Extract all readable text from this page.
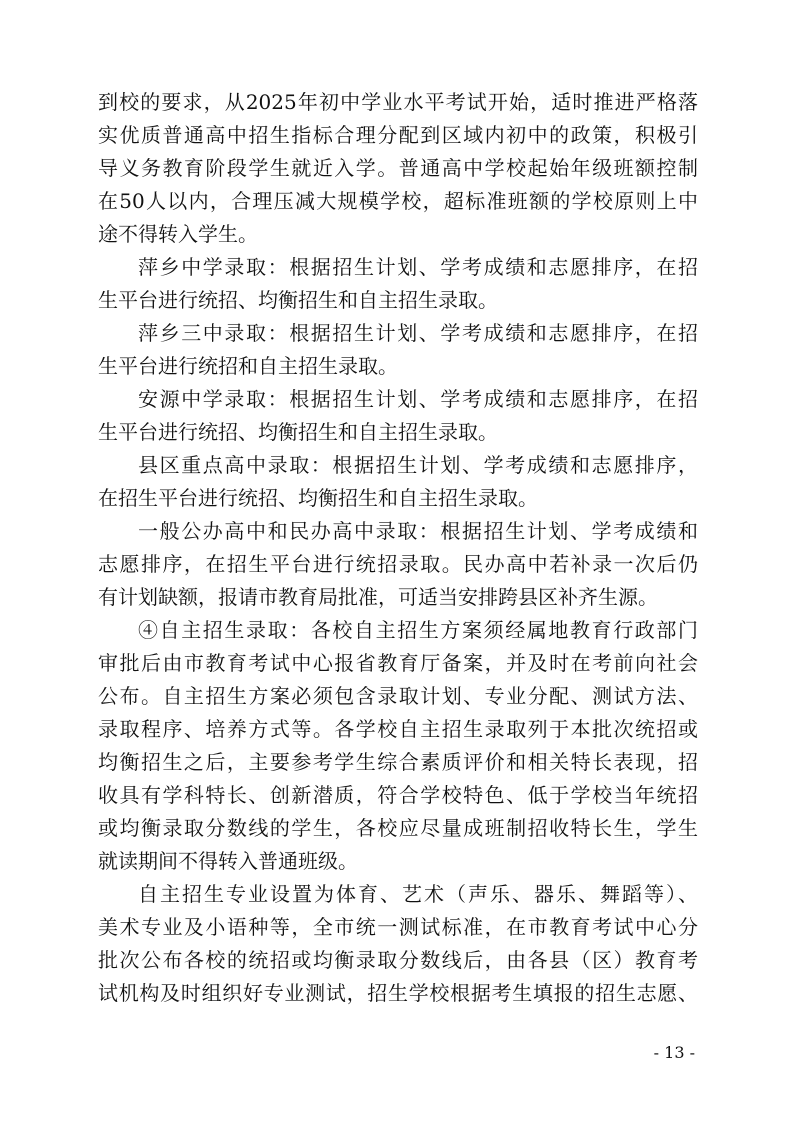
到校的要求，从2025年初中学业水平考试开始，适时推进严格落
实优质普通高中招生指标合理分配到区域内初中的政策，积极引
导义务教育阶段学生就近入学。普通高中学校起始年级班额控制
在50人以内，合理压减大规模学校，超标准班额的学校原则上中
途不得转入学生。
萍乡中学录取：根据招生计划、学考成绩和志愿排序，在招
生平台进行统招、均衡招生和自主招生录取。
萍乡三中录取：根据招生计划、学考成绩和志愿排序，在招
生平台进行统招和自主招生录取。
安源中学录取：根据招生计划、学考成绩和志愿排序，在招
生平台进行统招、均衡招生和自主招生录取。
县区重点高中录取：根据招生计划、学考成绩和志愿排序，
在招生平台进行统招、均衡招生和自主招生录取。
一般公办高中和民办高中录取：根据招生计划、学考成绩和
志愿排序，在招生平台进行统招录取。民办高中若补录一次后仍
有计划缺额，报请市教育局批准，可适当安排跨县区补齐生源。
④自主招生录取：各校自主招生方案须经属地教育行政部门
审批后由市教育考试中心报省教育厅备案，并及时在考前向社会
公布。自主招生方案必须包含录取计划、专业分配、测试方法、
录取程序、培养方式等。各学校自主招生录取列于本批次统招或
均衡招生之后，主要参考学生综合素质评价和相关特长表现，招
收具有学科特长、创新潜质，符合学校特色、低于学校当年统招
或均衡录取分数线的学生，各校应尽量成班制招收特长生，学生
就读期间不得转入普通班级。
自主招生专业设置为体育、艺术（声乐、器乐、舞蹈等）、
美术专业及小语种等，全市统一测试标准，在市教育考试中心分
批次公布各校的统招或均衡录取分数线后，由各县（区）教育考
试机构及时组织好专业测试，招生学校根据考生填报的招生志愿、
- 13 -
